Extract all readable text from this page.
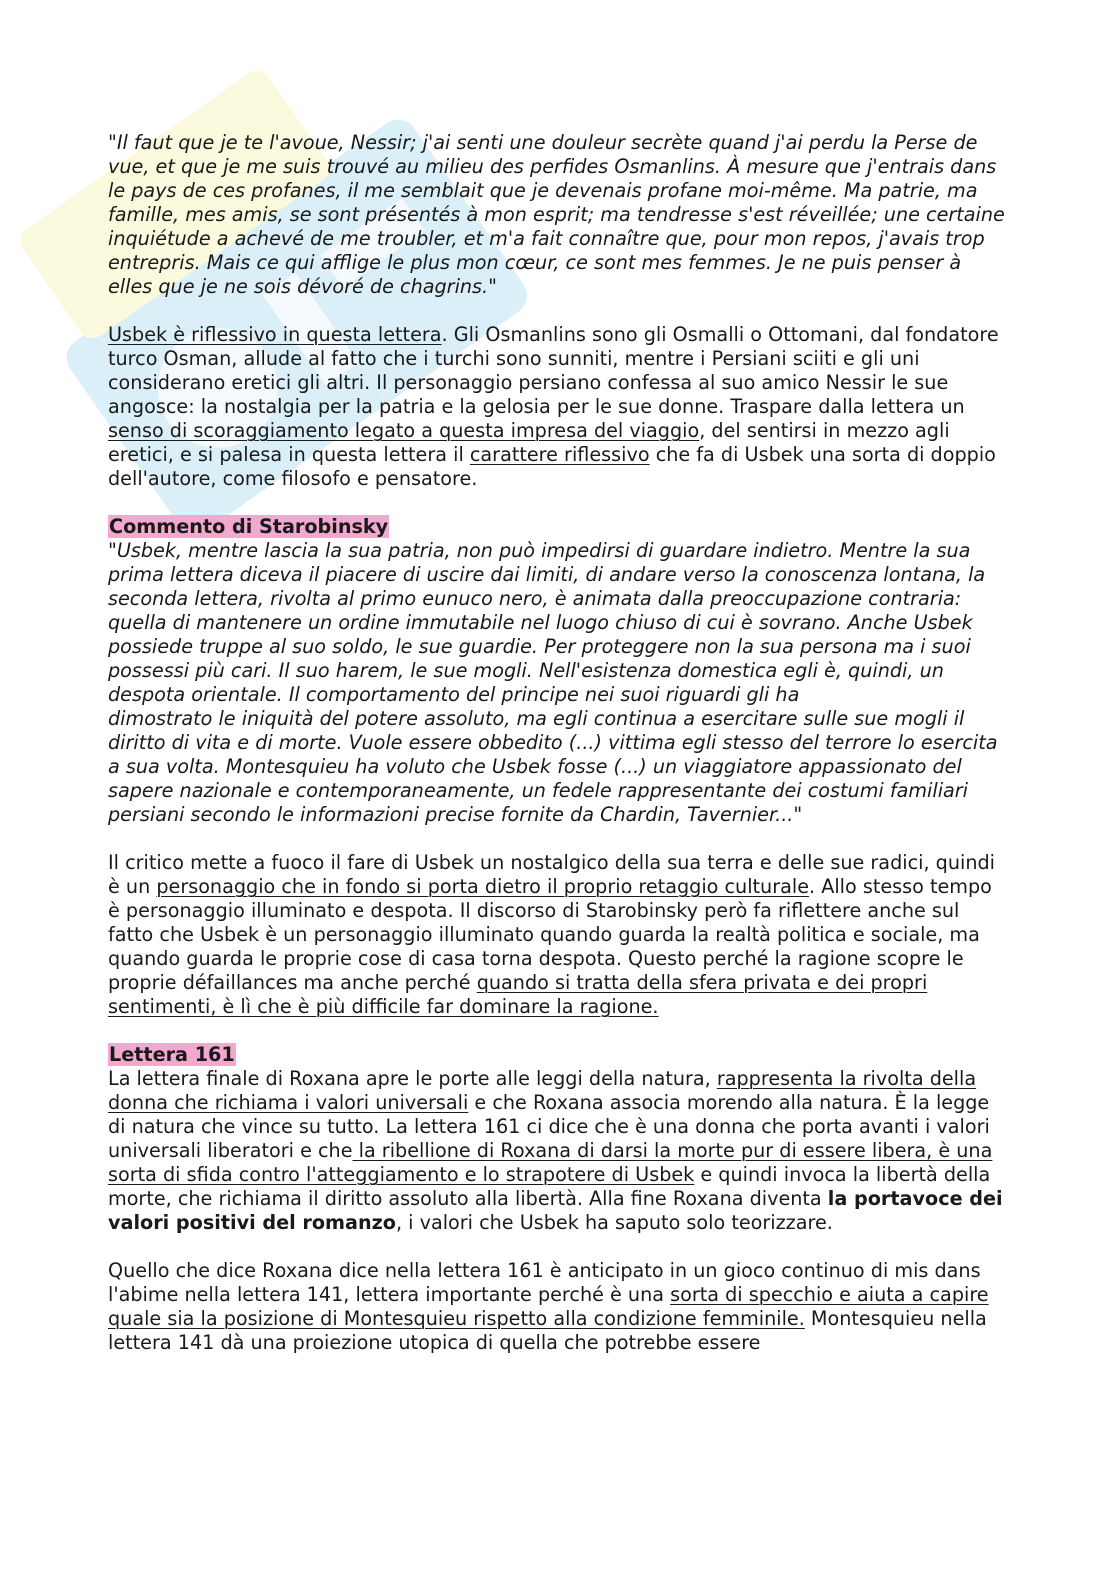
"Il faut que je te l'avoue, Nessir; j'ai senti une douleur secrète quand j'ai perdu la Perse de vue, et que je me suis trouvé au milieu des perfides Osmanlins. À mesure que j'entrais dans le pays de ces profanes, il me semblait que je devenais profane moi-même. Ma patrie, ma famille, mes amis, se sont présentés à mon esprit; ma tendresse s'est réveillée; une certaine inquiétude a achevé de me troubler, et m'a fait connaître que, pour mon repos, j'avais trop entrepris. Mais ce qui afflige le plus mon cœur, ce sont mes femmes. Je ne puis penser à elles que je ne sois dévoré de chagrins."

Usbek è riflessivo in questa lettera. Gli Osmanlins sono gli Osmalli o Ottomani, dal fondatore turco Osman, allude al fatto che i turchi sono sunniti, mentre i Persiani sciiti e gli uni considerano eretici gli altri. Il personaggio persiano confessa al suo amico Nessir le sue angosce: la nostalgia per la patria e la gelosia per le sue donne. Traspare dalla lettera un senso di scoraggiamento legato a questa impresa del viaggio, del sentirsi in mezzo agli eretici, e si palesa in questa lettera il carattere riflessivo che fa di Usbek una sorta di doppio dell'autore, come filosofo e pensatore.

Commento di Starobinsky

"Usbek, mentre lascia la sua patria, non può impedirsi di guardare indietro. Mentre la sua prima lettera diceva il piacere di uscire dai limiti, di andare verso la conoscenza lontana, la seconda lettera, rivolta al primo eunuco nero, è animata dalla preoccupazione contraria: quella di mantenere un ordine immutabile nel luogo chiuso di cui è sovrano. Anche Usbek possiede truppe al suo soldo, le sue guardie. Per proteggere non la sua persona ma i suoi possessi più cari. Il suo harem, le sue mogli. Nell'esistenza domestica egli è, quindi, un despota orientale. Il comportamento del principe nei suoi riguardi gli ha

dimostrato le iniquità del potere assoluto, ma egli continua a esercitare sulle sue mogli il diritto di vita e di morte. Vuole essere obbedito (...) vittima egli stesso del terrore lo esercita a sua volta. Montesquieu ha voluto che Usbek fosse (...) un viaggiatore appassionato del sapere nazionale e contemporaneamente, un fedele rappresentante dei costumi familiari persiani secondo le informazioni precise fornite da Chardin, Tavernier..."

Il critico mette a fuoco il fare di Usbek un nostalgico della sua terra e delle sue radici, quindi è un personaggio che in fondo si porta dietro il proprio retaggio culturale. Allo stesso tempo è personaggio illuminato e despota. Il discorso di Starobinsky però fa riflettere anche sul fatto che Usbek è un personaggio illuminato quando guarda la realtà politica e sociale, ma quando guarda le proprie cose di casa torna despota. Questo perché la ragione scopre le proprie défaillances ma anche perché quando si tratta della sfera privata e dei propri sentimenti, è lì che è più difficile far dominare la ragione.

Lettera 161

La lettera finale di Roxana apre le porte alle leggi della natura, rappresenta la rivolta della donna che richiama i valori universali e che Roxana associa morendo alla natura. È la legge di natura che vince su tutto. La lettera 161 ci dice che è una donna che porta avanti i valori universali liberatori e che la ribellione di Roxana di darsi la morte pur di essere libera, è una sorta di sfida contro l'atteggiamento e lo strapotere di Usbek e quindi invoca la libertà della morte, che richiama il diritto assoluto alla libertà. Alla fine Roxana diventa la portavoce dei valori positivi del romanzo, i valori che Usbek ha saputo solo teorizzare.

Quello che dice Roxana dice nella lettera 161 è anticipato in un gioco continuo di mis dans l'abime nella lettera 141, lettera importante perché è una sorta di specchio e aiuta a capire quale sia la posizione di Montesquieu rispetto alla condizione femminile. Montesquieu nella lettera 141 dà una proiezione utopica di quella che potrebbe essere
